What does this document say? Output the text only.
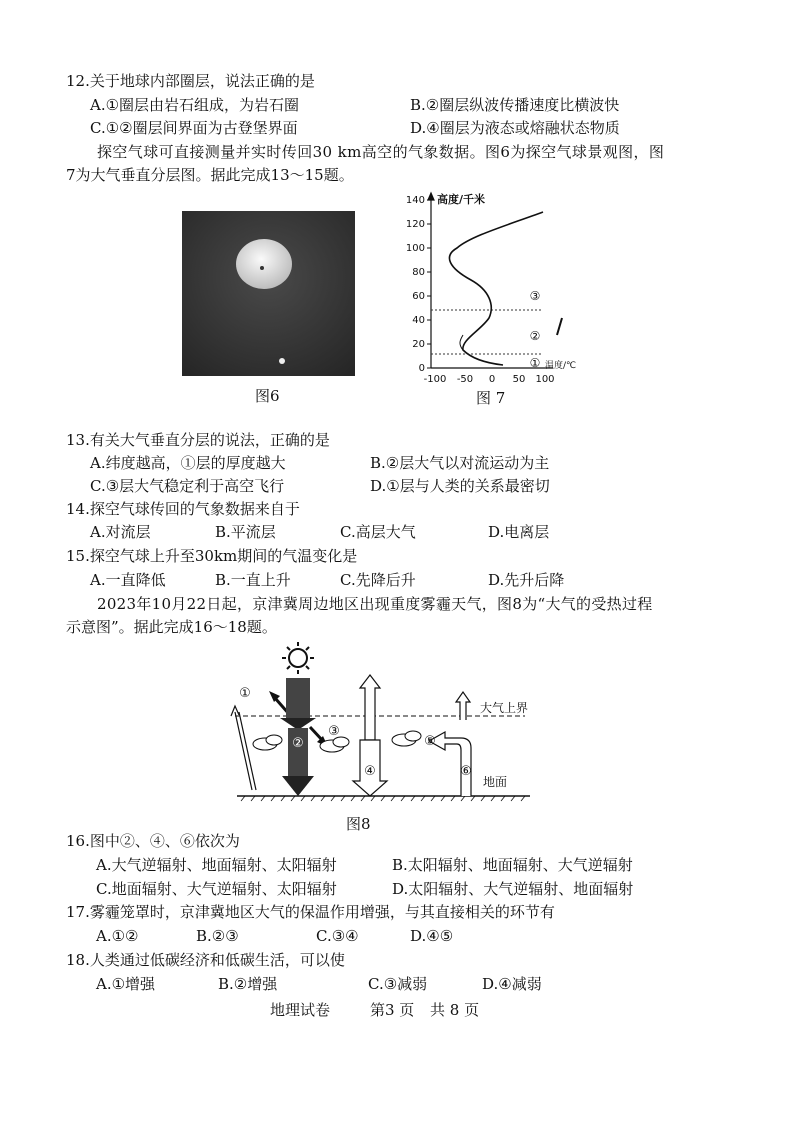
12.关于地球内部圈层，说法正确的是
A.①圈层由岩石组成，为岩石圈	B.②圈层纵波传播速度比横波快
C.①②圈层间界面为古登堡界面	D.④圈层为液态或熔融状态物质
探空气球可直接测量并实时传回30 km高空的气象数据。图6为探空气球景观图，图
7为大气垂直分层图。据此完成13～15题。
图6
0
20
40
60
80
100
120
140
-100 -50 0 50 100
高度/千米
③
②
① 温度/℃
图 7
13.有关大气垂直分层的说法，正确的是
A.纬度越高，①层的厚度越大	B.②层大气以对流运动为主
C.③层大气稳定利于高空飞行	D.①层与人类的关系最密切
14.探空气球传回的气象数据来自于
A.对流层	B.平流层	C.高层大气	D.电离层
15.探空气球上升至30km期间的气温变化是
A.一直降低	B.一直上升	C.先降后升	D.先升后降
2023年10月22日起，京津冀周边地区出现重度雾霾天气，图8为“大气的受热过程
示意图”。据此完成16～18题。
①
②
③
④
⑤
⑥
大气上界
地面
图8
16.图中②、④、⑥依次为
A.大气逆辐射、地面辐射、太阳辐射	B.太阳辐射、地面辐射、大气逆辐射
C.地面辐射、大气逆辐射、太阳辐射	D.太阳辐射、大气逆辐射、地面辐射
17.雾霾笼罩时，京津冀地区大气的保温作用增强，与其直接相关的环节有
A.①②	B.②③	C.③④	D.④⑤
18.人类通过低碳经济和低碳生活，可以使
A.①增强	B.②增强	C.③减弱	D.④减弱
地理试卷	第3 页 共 8 页
